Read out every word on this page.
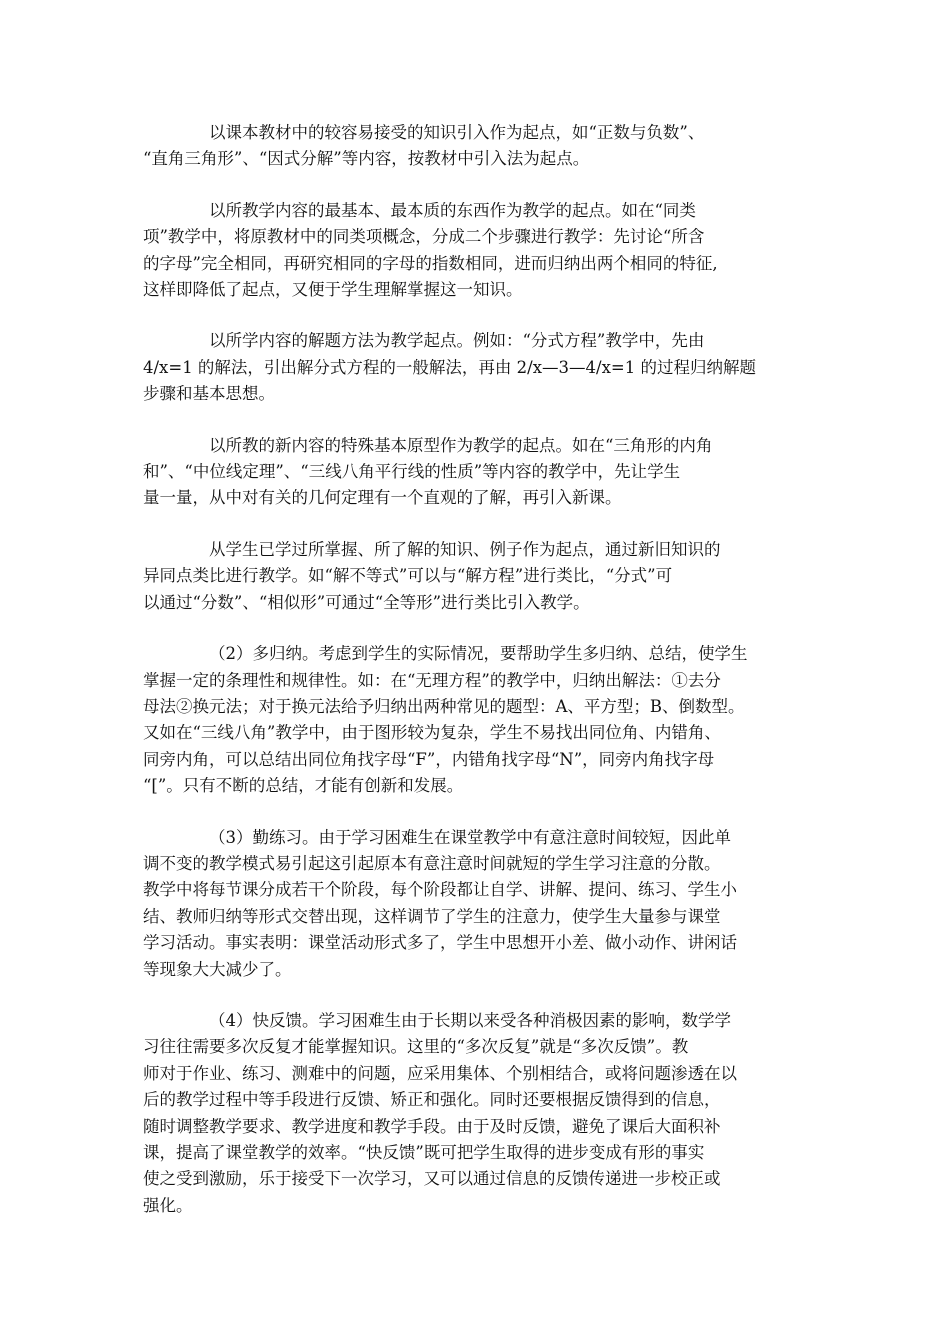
以课本教材中的较容易接受的知识引入作为起点，如“正数与负数”、
“直角三角形”、“因式分解”等内容，按教材中引入法为起点。

以所教学内容的最基本、最本质的东西作为教学的起点。如在“同类
项”教学中，将原教材中的同类项概念，分成二个步骤进行教学：先讨论“所含
的字母”完全相同，再研究相同的字母的指数相同，进而归纳出两个相同的特征,
这样即降低了起点，又便于学生理解掌握这一知识。

以所学内容的解题方法为教学起点。例如：“分式方程”教学中，先由
4/x=1 的解法，引出解分式方程的一般解法，再由 2/x—3—4/x=1 的过程归纳解题
步骤和基本思想。

以所教的新内容的特殊基本原型作为教学的起点。如在“三角形的内角
和”、“中位线定理”、“三线八角平行线的性质”等内容的教学中，先让学生
量一量，从中对有关的几何定理有一个直观的了解，再引入新课。

从学生已学过所掌握、所了解的知识、例子作为起点，通过新旧知识的
异同点类比进行教学。如“解不等式”可以与“解方程”进行类比，“分式”可
以通过“分数”、“相似形”可通过“全等形”进行类比引入教学。

（2）多归纳。考虑到学生的实际情况，要帮助学生多归纳、总结，使学生
掌握一定的条理性和规律性。如：在“无理方程”的教学中，归纳出解法：①去分
母法②换元法；对于换元法给予归纳出两种常见的题型：A、平方型；B、倒数型。
又如在“三线八角”教学中，由于图形较为复杂，学生不易找出同位角、内错角、
同旁内角，可以总结出同位角找字母“F”，内错角找字母“N”，同旁内角找字母
“[”。只有不断的总结，才能有创新和发展。

（3）勤练习。由于学习困难生在课堂教学中有意注意时间较短，因此单
调不变的教学模式易引起这引起原本有意注意时间就短的学生学习注意的分散。
教学中将每节课分成若干个阶段，每个阶段都让自学、讲解、提问、练习、学生小
结、教师归纳等形式交替出现，这样调节了学生的注意力，使学生大量参与课堂
学习活动。事实表明：课堂活动形式多了，学生中思想开小差、做小动作、讲闲话
等现象大大减少了。

（4）快反馈。学习困难生由于长期以来受各种消极因素的影响，数学学
习往往需要多次反复才能掌握知识。这里的“多次反复”就是“多次反馈”。教
师对于作业、练习、测难中的问题，应采用集体、个别相结合，或将问题渗透在以
后的教学过程中等手段进行反馈、矫正和强化。同时还要根据反馈得到的信息，
随时调整教学要求、教学进度和教学手段。由于及时反馈，避免了课后大面积补
课，提高了课堂教学的效率。“快反馈”既可把学生取得的进步变成有形的事实
使之受到激励，乐于接受下一次学习，又可以通过信息的反馈传递进一步校正或
强化。
